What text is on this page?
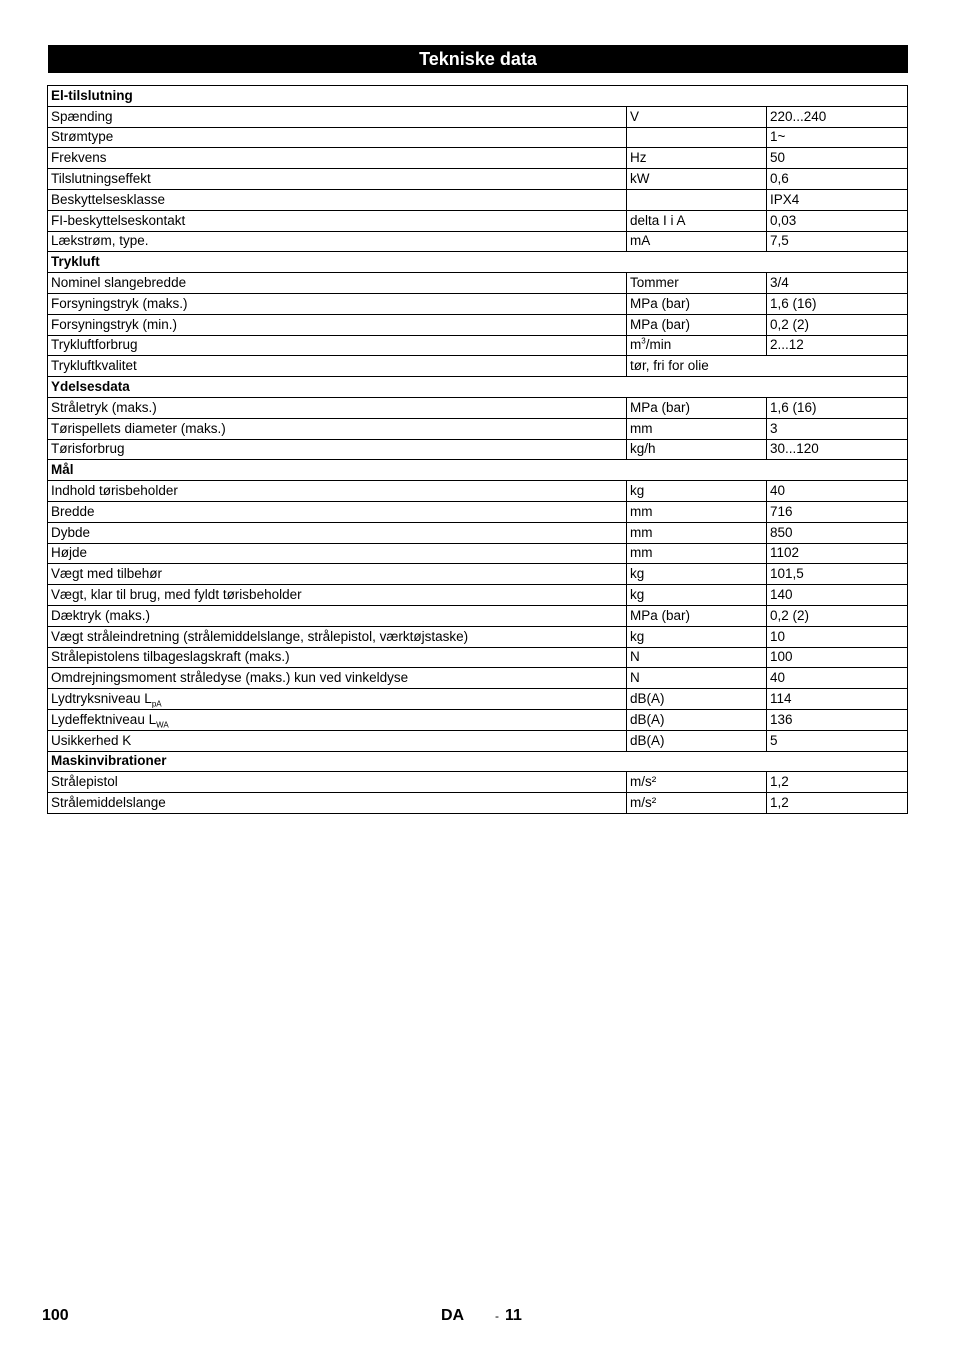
Tekniske data
El-tilslutning		
Spænding	V	220...240
Strømtype		1~
Frekvens	Hz	50
Tilslutningseffekt	kW	0,6
Beskyttelsesklasse		IPX4
FI-beskyttelseskontakt	delta I i A	0,03
Lækstrøm, type.	mA	7,5
Trykluft		
Nominel slangebredde	Tommer	3/4
Forsyningstryk (maks.)	MPa (bar)	1,6 (16)
Forsyningstryk (min.)	MPa (bar)	0,2 (2)
Trykluftforbrug	$m^3/\min$	2...12
Trykluftkvalitet	tør, fri for olie	
Ydelsesdata		
Stråletryk (maks.)	MPa (bar)	1,6 (16)
Tørispellets diameter (maks.)	mm	3
Tørisforbrug	kg/h	30...120
Mål		
Indhold tørisbeholder	kg	40
Bredde	mm	716
Dybde	mm	850
Højde	mm	1102
Vægt med tilbehør	kg	101,5
Vægt, klar til brug, med fyldt tørisbeholder	kg	140
Dæktryk (maks.)	MPa (bar)	0,2 (2)
Vægt stråleindretning (strålemiddelslange, strålepistol, værktøjstaske)	kg	10
Strålepistolens tilbageslagskraft (maks.)	N	100
Omdrejningsmoment stråledyse (maks.) kun ved vinkeldyse	N	40
Lydtryksniveau $L_{pA}$	dB(A)	114
Lydeffektniveau $L_{WA}$	dB(A)	136
Usikkerhed K	dB(A)	5
Maskinvibrationer		
Strålepistol	m/s²	1,2
Strålemiddelslange	m/s²	1,2
100	DA	- 11
